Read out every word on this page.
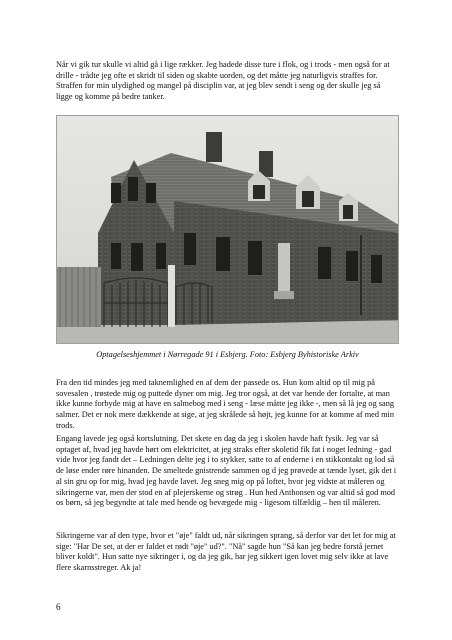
Når vi gik tur skulle vi altid gå i lige rækker. Jeg hadede disse ture i flok, og i trods - men også for at drille - trådte jeg ofte et skridt til siden og skabte uorden, og det måtte jeg naturligvis straffes for. Straffen for min ulydighed og mangel på disciplin var, at jeg blev sendt i seng og der skulle jeg så ligge og komme på bedre tanker.

Optagelseshjemmet i Nørregade 91 i Esbjerg. Foto: Esbjerg Byhistoriske Arkiv

Fra den tid mindes jeg med taknemlighed en af dem der passede os. Hun kom altid op til mig på sovesalen , trøstede mig og puttede dyner om mig. Jeg tror også, at det var hende der fortalte, at man ikke kunne forbyde mig at have en salmebog med i seng - læse måtte jeg ikke -, men så lå jeg og sang salmer. Det er nok mere dækkende at sige, at jeg skrålede så højt, jeg kunne for at komme af med min trods.

Engang lavede jeg også kortslutning. Det skete en dag da jeg i skolen havde haft fysik. Jeg var så optaget af, hvad jeg havde hørt om elektricitet, at jeg straks efter skoletid fik fat i noget ledning - gad vide hvor jeg fandt det – Ledningen delte jeg i to stykker, satte to af enderne i en stikkontakt og lod så de løse ender røre hinanden. De smeltede gnistrende sammen og d jeg prøvede at tænde lyset, gik det i al sin gru op for mig, hvad jeg havde lavet. Jeg sneg mig op på loftet, hvor jeg vidste at måleren og sikringerne var, men der stod en af plejerskerne og strøg . Hun hed Anthonsen og var altid så god mod os børn, så jeg begyndte at tale med hende og bevægede mig - ligesom tilfældig – hen til måleren.

Sikringerne var af den type, hvor et "øje" faldt ud, når sikringen sprang, så derfor var det let for mig at sige: "Har De set, at der er faldet et rødt "øje" ud?". "Nå" sagde hun "Så kan jeg bedre forstå jernet bliver koldt". Hun satte nye sikringer i, og da jeg gik, har jeg sikkert igen lovet mig selv ikke at lave flere skarnsstreger. Ak ja!

6
